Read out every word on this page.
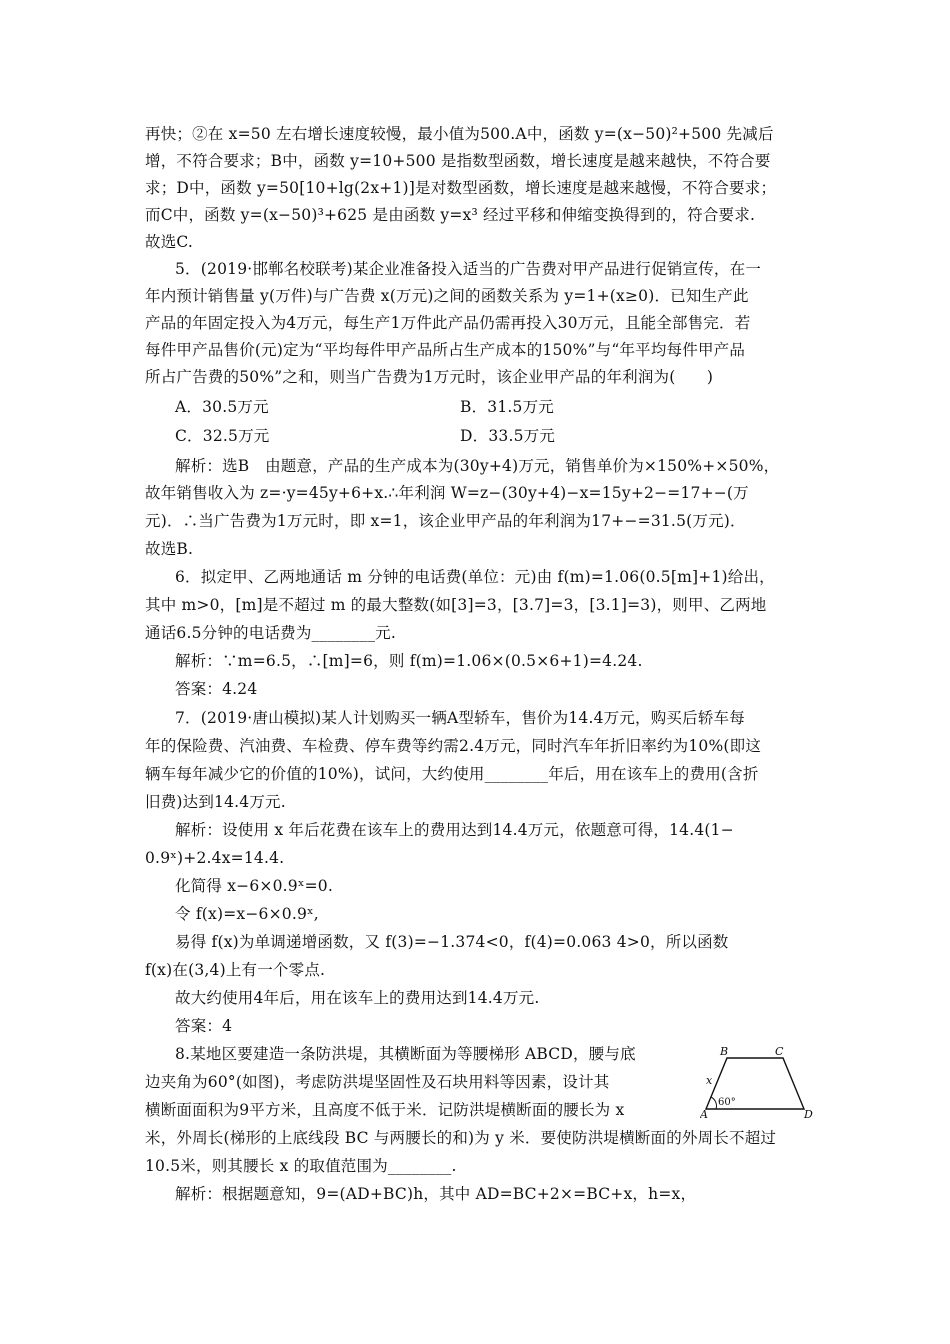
再快；②在 x=50 左右增长速度较慢，最小值为500.A中，函数 y=(x−50)²+500 先减后
增，不符合要求；B中，函数 y=10+500 是指数型函数，增长速度是越来越快，不符合要
求；D中，函数 y=50[10+lg(2x+1)]是对数型函数，增长速度是越来越慢，不符合要求；
而C中，函数 y=(x−50)³+625 是由函数 y=x³ 经过平移和伸缩变换得到的，符合要求.
故选C.
5．(2019·邯郸名校联考)某企业准备投入适当的广告费对甲产品进行促销宣传，在一
年内预计销售量 y(万件)与广告费 x(万元)之间的函数关系为 y=1+(x≥0)．已知生产此
产品的年固定投入为4万元，每生产1万件此产品仍需再投入30万元，且能全部售完．若
每件甲产品售价(元)定为“平均每件甲产品所占生产成本的150%”与“年平均每件甲产品
所占广告费的50%”之和，则当广告费为1万元时，该企业甲产品的年利润为(　　)
A．30.5万元	B．31.5万元
C．32.5万元	D．33.5万元
解析：选B　由题意，产品的生产成本为(30y+4)万元，销售单价为×150%+×50%，
故年销售收入为 z=·y=45y+6+x.∴年利润 W=z−(30y+4)−x=15y+2−=17+−(万
元)．∴当广告费为1万元时，即 x=1，该企业甲产品的年利润为17+−=31.5(万元)．
故选B.
6．拟定甲、乙两地通话 m 分钟的电话费(单位：元)由 f(m)=1.06(0.5[m]+1)给出，
其中 m>0，[m]是不超过 m 的最大整数(如[3]=3，[3.7]=3，[3.1]=3)，则甲、乙两地
通话6.5分钟的电话费为________元.
解析：∵m=6.5，∴[m]=6，则 f(m)=1.06×(0.5×6+1)=4.24.
答案：4.24
7．(2019·唐山模拟)某人计划购买一辆A型轿车，售价为14.4万元，购买后轿车每
年的保险费、汽油费、车检费、停车费等约需2.4万元，同时汽车年折旧率约为10%(即这
辆车每年减少它的价值的10%)，试问，大约使用________年后，用在该车上的费用(含折
旧费)达到14.4万元.
解析：设使用 x 年后花费在该车上的费用达到14.4万元，依题意可得，14.4(1−
0.9ˣ)+2.4x=14.4.
化简得 x−6×0.9ˣ=0.
令 f(x)=x−6×0.9ˣ,
易得 f(x)为单调递增函数，又 f(3)=−1.374<0，f(4)=0.063 4>0，所以函数
f(x)在(3,4)上有一个零点.
故大约使用4年后，用在该车上的费用达到14.4万元.
答案：4
8.某地区要建造一条防洪堤，其横断面为等腰梯形 ABCD，腰与底
边夹角为60°(如图)，考虑防洪堤坚固性及石块用料等因素，设计其
横断面面积为9平方米，且高度不低于米．记防洪堤横断面的腰长为 x
米，外周长(梯形的上底线段 BC 与两腰长的和)为 y 米．要使防洪堤横断面的外周长不超过
10.5米，则其腰长 x 的取值范围为________.
解析：根据题意知，9=(AD+BC)h，其中 AD=BC+2×=BC+x，h=x，
A
B	C
D
x
60°
